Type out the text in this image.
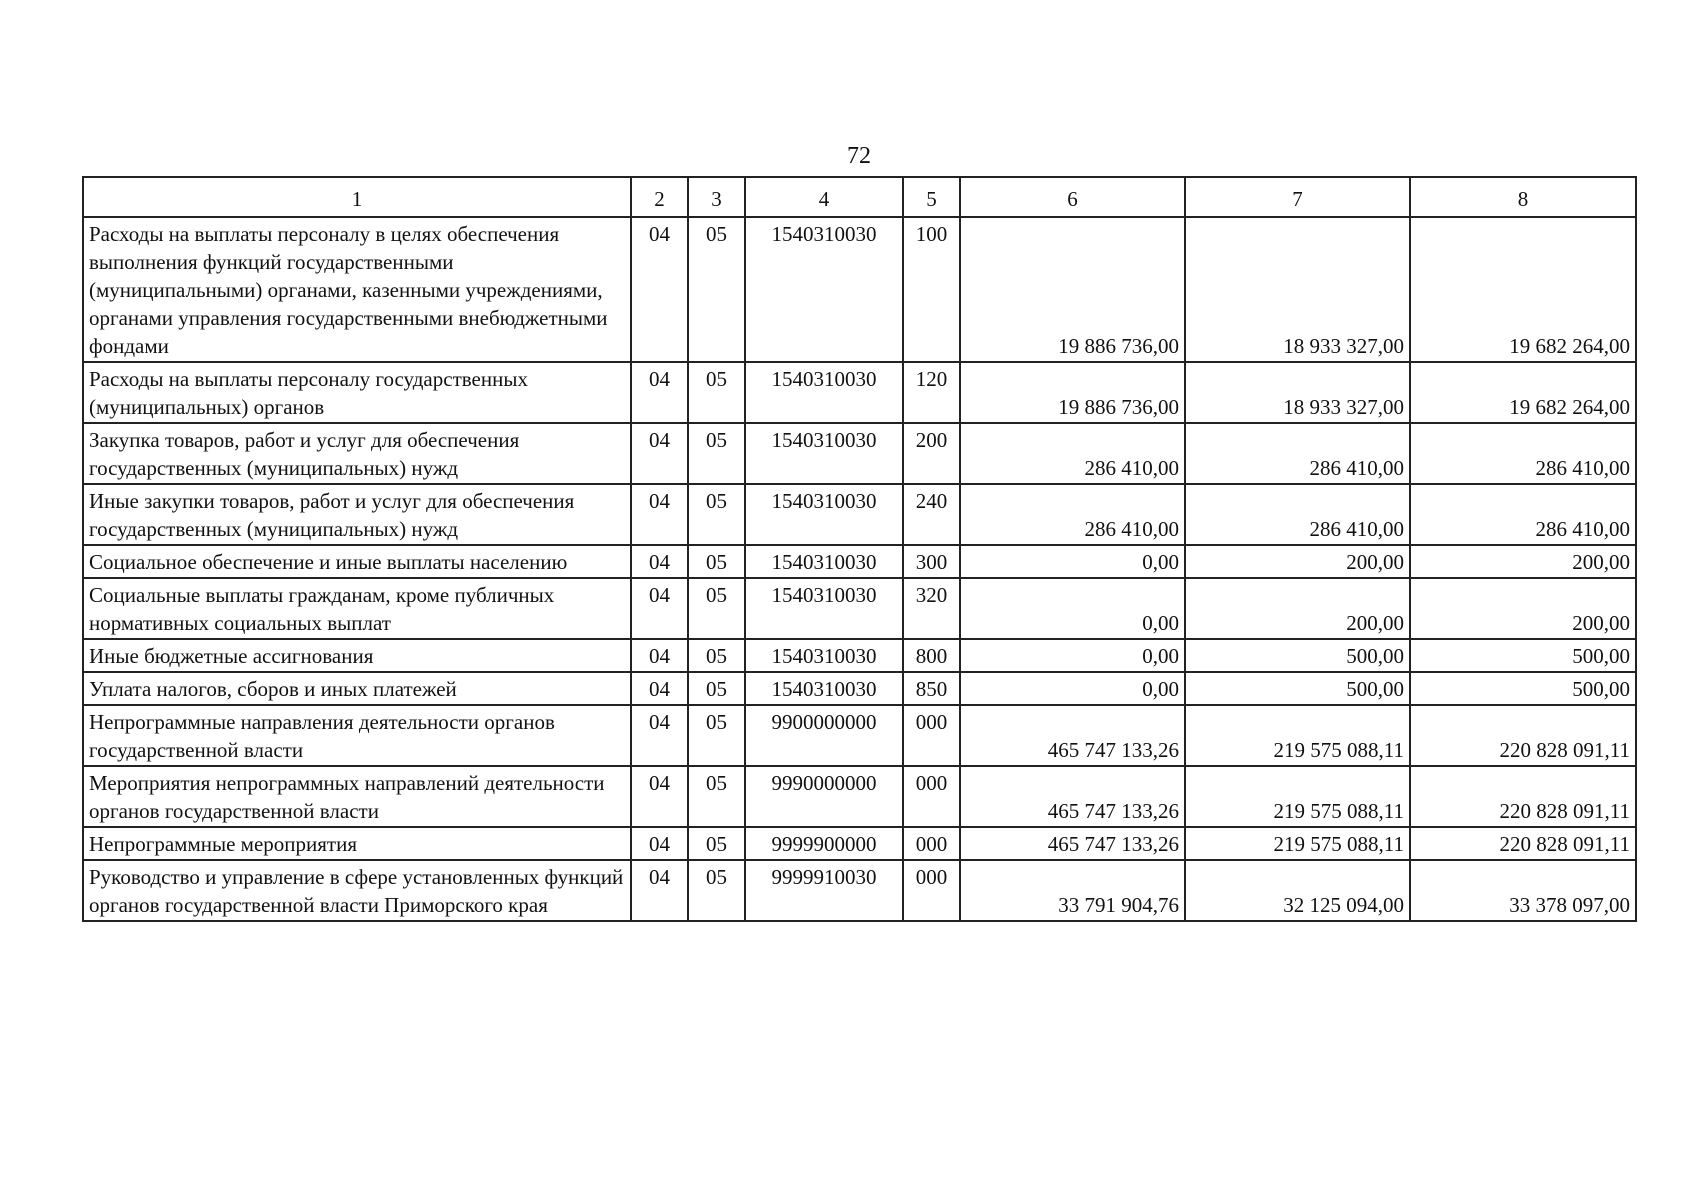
72
1	2	3	4	5	6	7	8
Расходы на выплаты персоналу в целях обеспечения выполнения функций государственными (муниципальными) органами, казенными учреждениями, органами управления государственными внебюджетными фондами	04	05	1540310030	100	19 886 736,00	18 933 327,00	19 682 264,00
Расходы на выплаты персоналу государственных (муниципальных) органов	04	05	1540310030	120	19 886 736,00	18 933 327,00	19 682 264,00
Закупка товаров, работ и услуг для обеспечения государственных (муниципальных) нужд	04	05	1540310030	200	286 410,00	286 410,00	286 410,00
Иные закупки товаров, работ и услуг для обеспечения государственных (муниципальных) нужд	04	05	1540310030	240	286 410,00	286 410,00	286 410,00
Социальное обеспечение и иные выплаты населению	04	05	1540310030	300	0,00	200,00	200,00
Социальные выплаты гражданам, кроме публичных нормативных социальных выплат	04	05	1540310030	320	0,00	200,00	200,00
Иные бюджетные ассигнования	04	05	1540310030	800	0,00	500,00	500,00
Уплата налогов, сборов и иных платежей	04	05	1540310030	850	0,00	500,00	500,00
Непрограммные направления деятельности органов государственной власти	04	05	9900000000	000	465 747 133,26	219 575 088,11	220 828 091,11
Мероприятия непрограммных направлений деятельности органов государственной власти	04	05	9990000000	000	465 747 133,26	219 575 088,11	220 828 091,11
Непрограммные мероприятия	04	05	9999900000	000	465 747 133,26	219 575 088,11	220 828 091,11
Руководство и управление в сфере установленных функций органов государственной власти Приморского края	04	05	9999910030	000	33 791 904,76	32 125 094,00	33 378 097,00
